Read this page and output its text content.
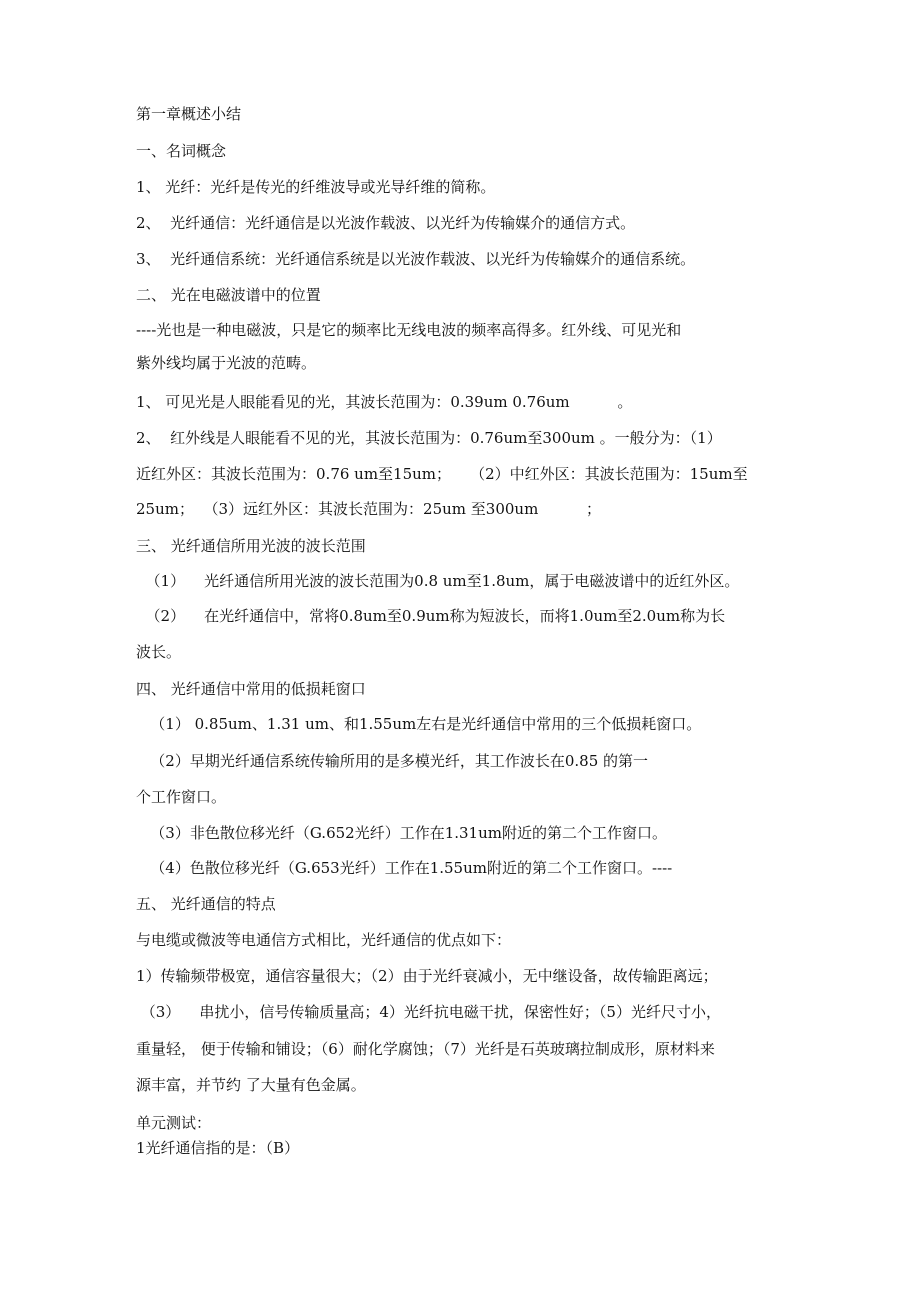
第一章概述小结

一、名词概念

1、 光纤：光纤是传光的纤维波导或光导纤维的简称。

2、  光纤通信：光纤通信是以光波作载波、以光纤为传输媒介的通信方式。

3、  光纤通信系统：光纤通信系统是以光波作载波、以光纤为传输媒介的通信系统。

二、 光在电磁波谱中的位置

----光也是一种电磁波，只是它的频率比无线电波的频率高得多。红外线、可见光和

紫外线均属于光波的范畴。

1、 可见光是人眼能看见的光，其波长范围为：0.39um 0.76um          。

2、  红外线是人眼能看不见的光，其波长范围为：0.76um至300um 。一般分为：（1）

近红外区：其波长范围为：0.76 um至15um；    （2）中红外区：其波长范围为：15um至

25um；  （3）远红外区：其波长范围为：25um 至300um          ；

三、 光纤通信所用光波的波长范围

（1）    光纤通信所用光波的波长范围为0.8 um至1.8um，属于电磁波谱中的近红外区。

（2）    在光纤通信中，常将0.8um至0.9um称为短波长，而将1.0um至2.0um称为长

波长。

四、 光纤通信中常用的低损耗窗口

（1） 0.85um、1.31 um、和1.55um左右是光纤通信中常用的三个低损耗窗口。

（2）早期光纤通信系统传输所用的是多模光纤，其工作波长在0.85 的第一

个工作窗口。

（3）非色散位移光纤（G.652光纤）工作在1.31um附近的第二个工作窗口。

（4）色散位移光纤（G.653光纤）工作在1.55um附近的第二个工作窗口。----

五、 光纤通信的特点

与电缆或微波等电通信方式相比，光纤通信的优点如下：

1）传输频带极宽，通信容量很大；（2）由于光纤衰减小，无中继设备，故传输距离远；

（3）    串扰小，信号传输质量高；4）光纤抗电磁干扰，保密性好；（5）光纤尺寸小，

重量轻， 便于传输和铺设；（6）耐化学腐蚀；（7）光纤是石英玻璃拉制成形，原材料来

源丰富，并节约 了大量有色金属。

单元测试：

1光纤通信指的是：（B）
